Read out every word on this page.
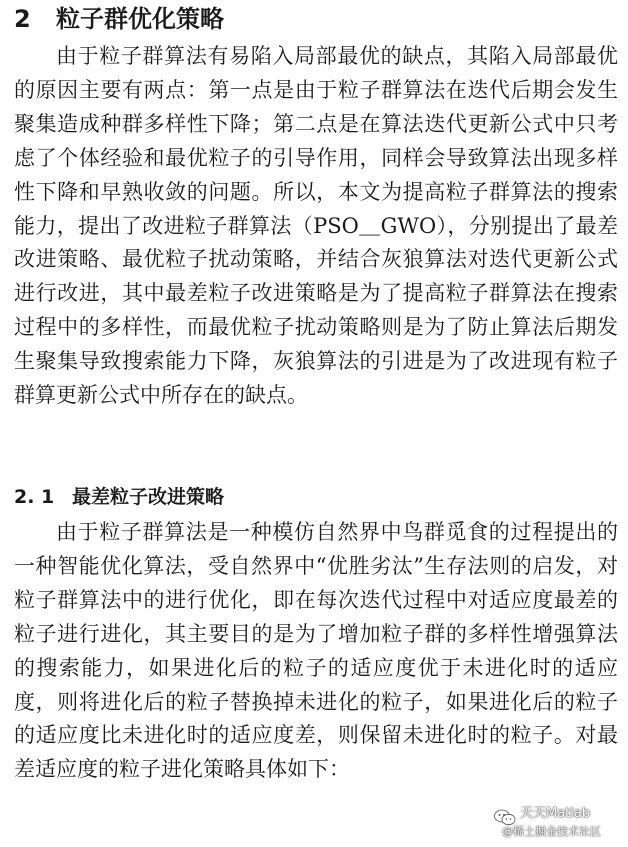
2 粒子群优化策略
由于粒子群算法有易陷入局部最优的缺点，其陷入局部最优的原因主要有两点：第一点是由于粒子群算法在迭代后期会发生聚集造成种群多样性下降；第二点是在算法迭代更新公式中只考虑了个体经验和最优粒子的引导作用，同样会导致算法出现多样性下降和早熟收敛的问题。所以，本文为提高粒子群算法的搜索能力，提出了改进粒子群算法（PSO＿GWO），分别提出了最差改进策略、最优粒子扰动策略，并结合灰狼算法对迭代更新公式进行改进，其中最差粒子改进策略是为了提高粒子群算法在搜索过程中的多样性，而最优粒子扰动策略则是为了防止算法后期发生聚集导致搜索能力下降，灰狼算法的引进是为了改进现有粒子群算更新公式中所存在的缺点。
2. 1 最差粒子改进策略
由于粒子群算法是一种模仿自然界中鸟群觅食的过程提出的一种智能优化算法，受自然界中“优胜劣汰”生存法则的启发，对粒子群算法中的进行优化，即在每次迭代过程中对适应度最差的粒子进行进化，其主要目的是为了增加粒子群的多样性增强算法的搜索能力，如果进化后的粒子的适应度优于未进化时的适应度，则将进化后的粒子替换掉未进化的粒子，如果进化后的粒子的适应度比未进化时的适应度差，则保留未进化时的粒子。对最差适应度的粒子进化策略具体如下：
天天Matlab
@稀土掘金技术社区
